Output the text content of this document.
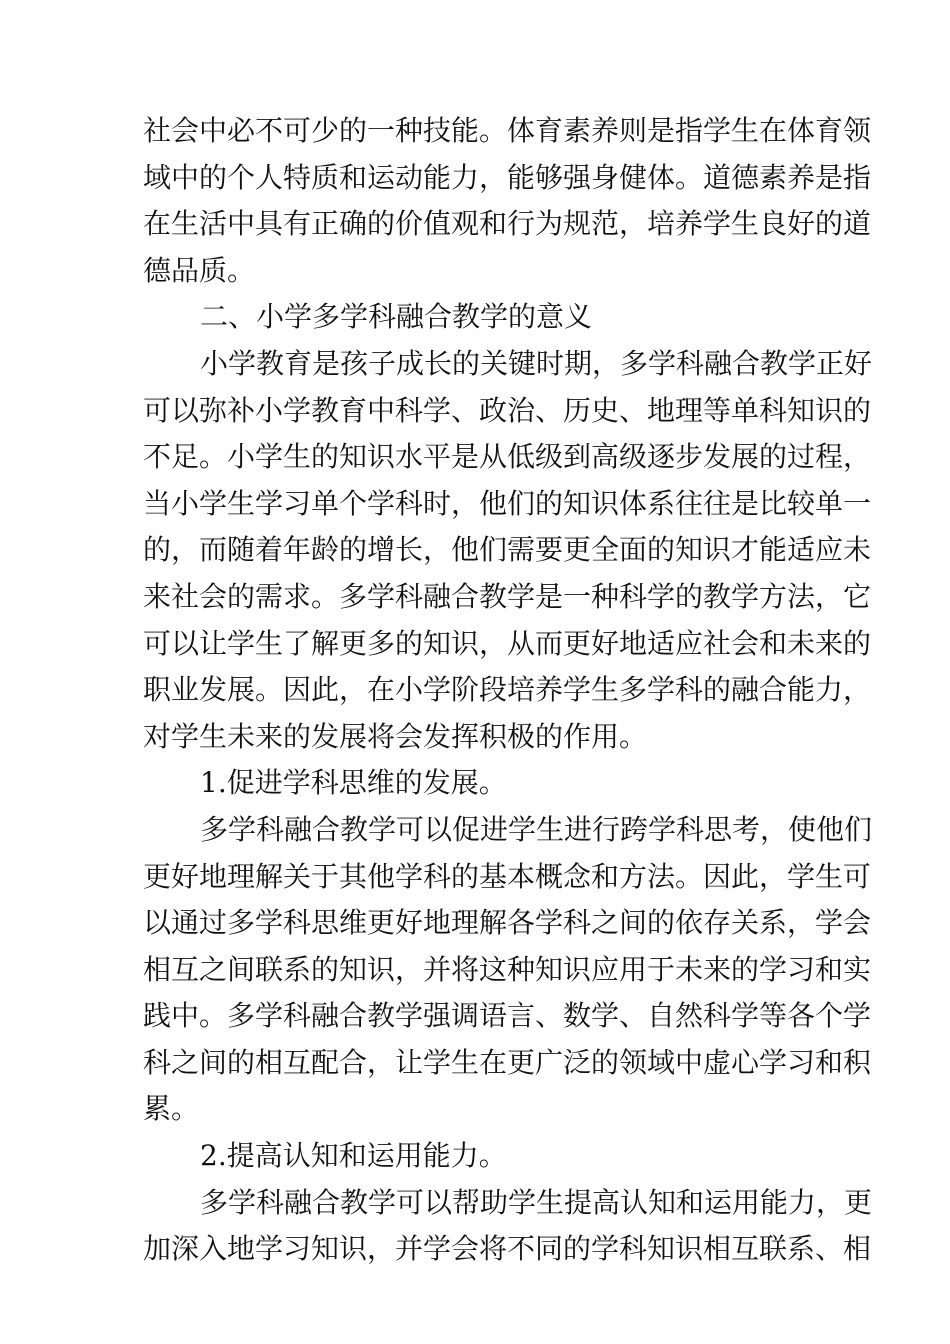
社会中必不可少的一种技能。体育素养则是指学生在体育领
域中的个人特质和运动能力，能够强身健体。道德素养是指
在生活中具有正确的价值观和行为规范，培养学生良好的道
德品质。
二、小学多学科融合教学的意义
小学教育是孩子成长的关键时期，多学科融合教学正好
可以弥补小学教育中科学、政治、历史、地理等单科知识的
不足。小学生的知识水平是从低级到高级逐步发展的过程，
当小学生学习单个学科时，他们的知识体系往往是比较单一
的，而随着年龄的增长，他们需要更全面的知识才能适应未
来社会的需求。多学科融合教学是一种科学的教学方法，它
可以让学生了解更多的知识，从而更好地适应社会和未来的
职业发展。因此，在小学阶段培养学生多学科的融合能力，
对学生未来的发展将会发挥积极的作用。
1.促进学科思维的发展。
多学科融合教学可以促进学生进行跨学科思考，使他们
更好地理解关于其他学科的基本概念和方法。因此，学生可
以通过多学科思维更好地理解各学科之间的依存关系，学会
相互之间联系的知识，并将这种知识应用于未来的学习和实
践中。多学科融合教学强调语言、数学、自然科学等各个学
科之间的相互配合，让学生在更广泛的领域中虚心学习和积
累。
2.提高认知和运用能力。
多学科融合教学可以帮助学生提高认知和运用能力，更
加深入地学习知识，并学会将不同的学科知识相互联系、相
